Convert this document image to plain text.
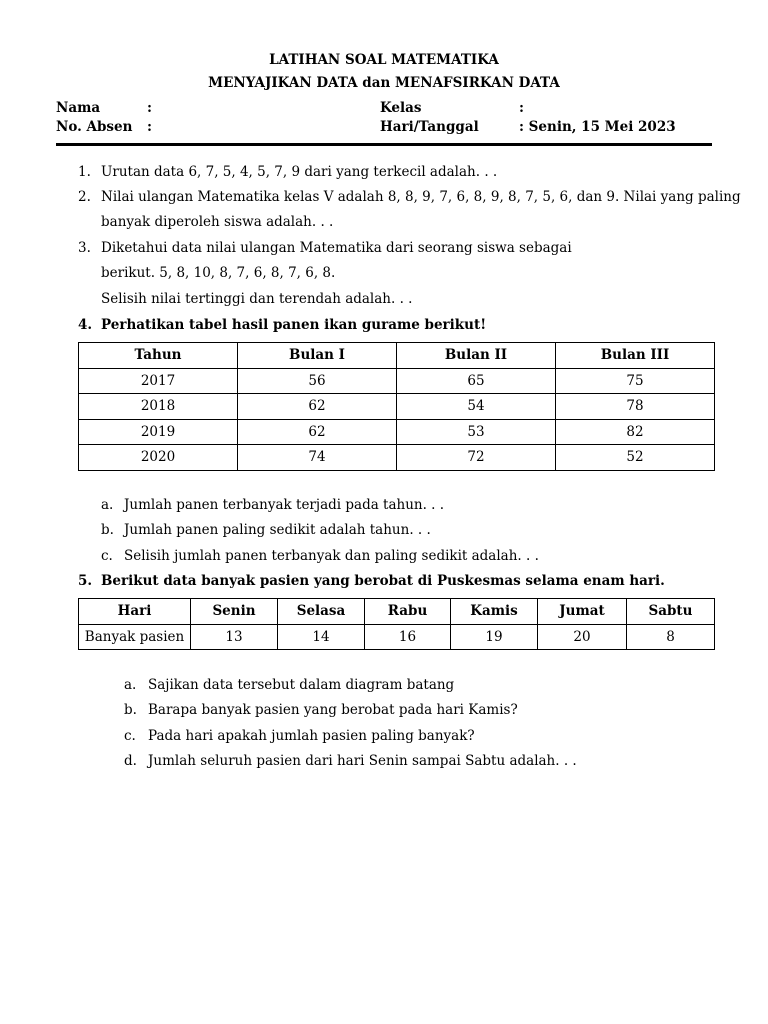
LATIHAN SOAL MATEMATIKA
MENYAJIKAN DATA dan MENAFSIRKAN DATA
Nama	:
No. Absen :
Kelas	:
Hari/Tanggal	: Senin, 15 Mei 2023
1. Urutan data 6, 7, 5, 4, 5, 7, 9 dari yang terkecil adalah. . .
2. Nilai ulangan Matematika kelas V adalah 8, 8, 9, 7, 6, 8, 9, 8, 7, 5, 6, dan 9. Nilai yang paling
banyak diperoleh siswa adalah. . .
3. Diketahui data nilai ulangan Matematika dari seorang siswa sebagai
berikut. 5, 8, 10, 8, 7, 6, 8, 7, 6, 8.
Selisih nilai tertinggi dan terendah adalah. . .
4. Perhatikan tabel hasil panen ikan gurame berikut!
Tahun	Bulan I	Bulan II	Bulan III
2017	56	65	75
2018	62	54	78
2019	62	53	82
2020	74	72	52
a. Jumlah panen terbanyak terjadi pada tahun. . .
b. Jumlah panen paling sedikit adalah tahun. . .
c. Selisih jumlah panen terbanyak dan paling sedikit adalah. . .
5. Berikut data banyak pasien yang berobat di Puskesmas selama enam hari.
Hari	Senin	Selasa	Rabu	Kamis	Jumat	Sabtu
Banyak pasien	13	14	16	19	20	8
a. Sajikan data tersebut dalam diagram batang
b. Barapa banyak pasien yang berobat pada hari Kamis?
c. Pada hari apakah jumlah pasien paling banyak?
d. Jumlah seluruh pasien dari hari Senin sampai Sabtu adalah. . .
